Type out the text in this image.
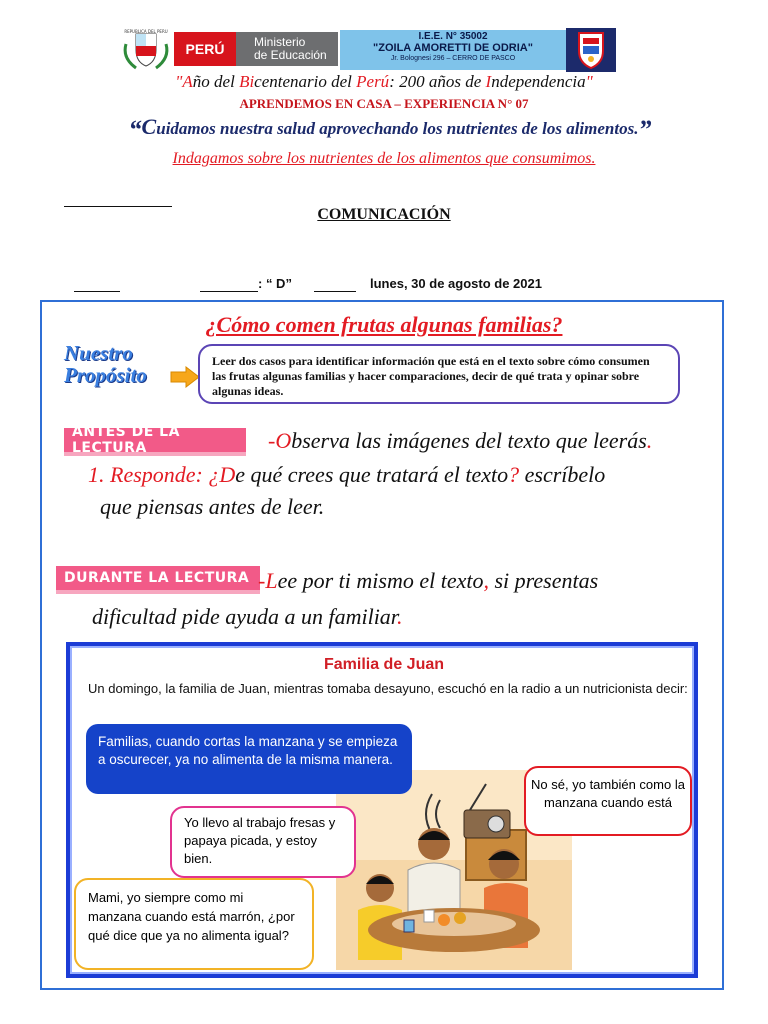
REPUBLICA DEL PERU
PERÚ	Ministerio
de Educación
I.E.E. N° 35002
"ZOILA AMORETTI DE ODRIA"
Jr. Bolognesi 296 – CERRO DE PASCO
"Año del Bicentenario del Perú: 200 años de Independencia"
APRENDEMOS EN CASA – EXPERIENCIA N° 07
“Cuidamos nuestra salud aprovechando los nutrientes de los alimentos.”
Indagamos sobre los nutrientes de los alimentos que consumimos.
COMUNICACIÓN

: “ D”
	lunes, 30 de agosto de 2021
¿Cómo comen frutas algunas familias?
Nuestro
Propósito
Leer dos casos para identificar información que está en el texto sobre cómo consumen las frutas algunas familias y hacer comparaciones, decir de qué trata y opinar sobre algunas ideas.
ANTES DE LA LECTURA	-Observa las imágenes del texto que leerás.
1. Responde: ¿De qué crees que tratará el texto? escríbelo
que piensas antes de leer.
DURANTE LA LECTURA -Lee por ti mismo el texto, si presentas
dificultad pide ayuda a un familiar.
Familia de Juan
Un domingo, la familia de Juan, mientras tomaba desayuno, escuchó en la radio a un nutricionista decir:
Familias, cuando cortas la manzana y se empieza a oscurecer, ya no alimenta de la misma manera.
No sé, yo también como la manzana cuando está
Yo llevo al trabajo fresas y papaya picada, y estoy bien.
Mami, yo siempre como mi manzana cuando está marrón, ¿por qué dice que ya no alimenta igual?
